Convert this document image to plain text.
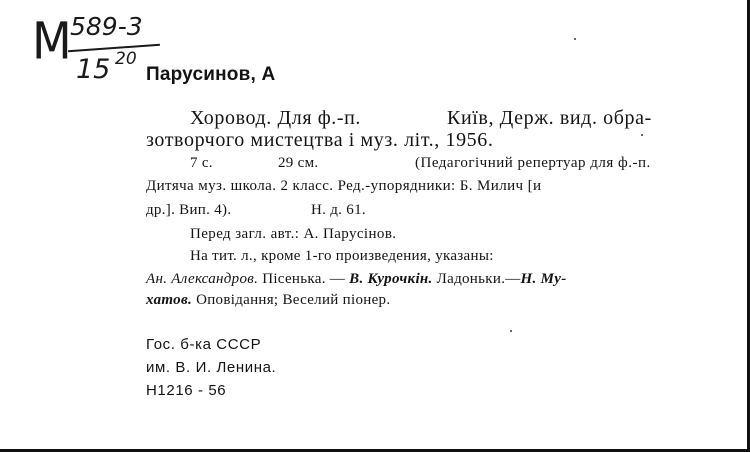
M 589-3
15 20
Парусинов, А
Хоровод. Для ф.-п.	Київ, Держ. вид. обра-
зотворчого мистецтва і муз. літ., 1956.
7 с.	29 см.	(Педагогічний репертуар для ф.-п.
Дитяча муз. школа. 2 класс. Ред.-упорядники: Б. Милич [и
др.]. Вип. 4).	Н. д. 61.
Перед загл. авт.: А. Парусінов.
На тит. л., кроме 1-го произведения, указаны:
Ан. Александров. Пісенька. — В. Курочкін. Ладоньки.—Н. Му-
хатов. Оповідання; Веселий піонер.
Гос. б-ка СССР
им. В. И. Ленина.
Н1216 - 56
